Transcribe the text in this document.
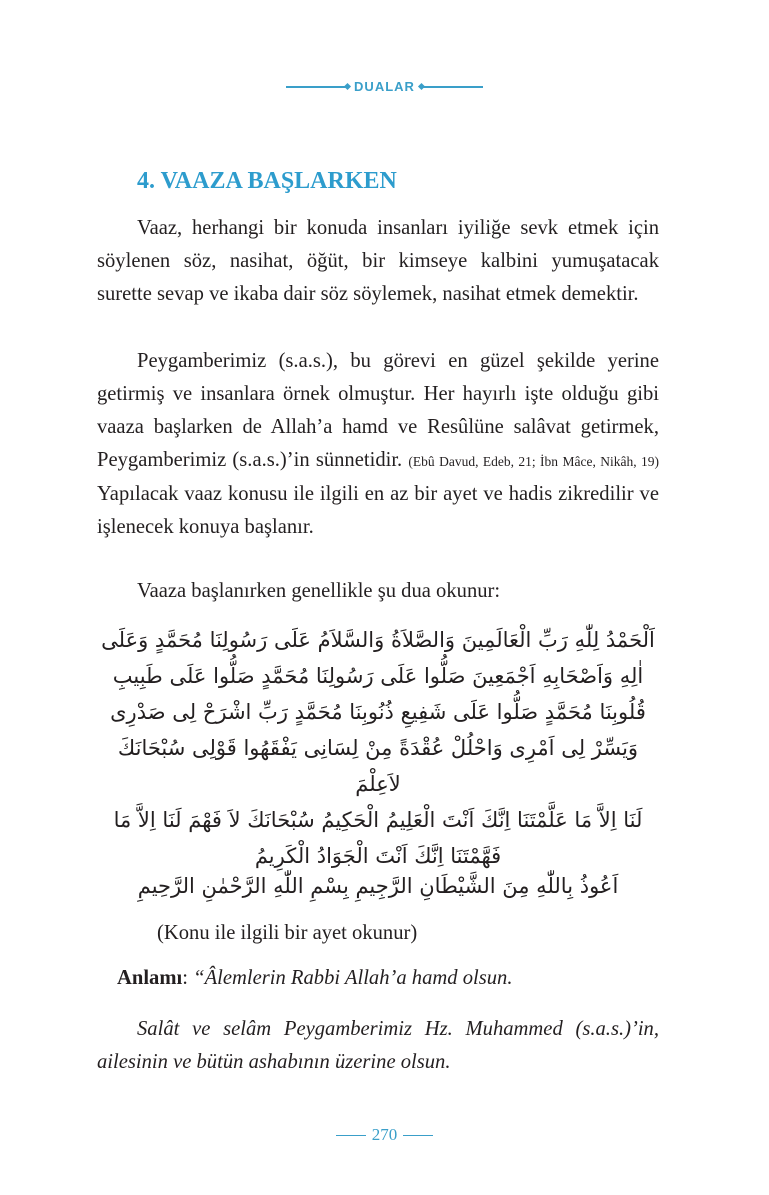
DUALAR
4. VAAZA BAŞLARKEN

Vaaz, herhangi bir konuda insanları iyiliğe sevk etmek için söylenen söz, nasihat, öğüt, bir kimseye kalbini yumuşatacak surette sevap ve ikaba dair söz söylemek, nasihat etmek demektir.

Peygamberimiz (s.a.s.), bu görevi en güzel şekilde yerine getirmiş ve insanlara örnek olmuştur. Her hayırlı işte olduğu gibi vaaza başlarken de Allah’a hamd ve Resûlüne salâvat getirmek, Peygamberimiz (s.a.s.)’in sünnetidir. (Ebû Davud, Edeb, 21; İbn Mâce, Nikâh, 19) Yapılacak vaaz konusu ile ilgili en az bir ayet ve hadis zikredilir ve işlenecek konuya başlanır.

Vaaza başlanırken genellikle şu dua okunur:

اَلْحَمْدُ لِلّٰهِ رَبِّ الْعَالَمِينَ وَالصَّلاَةُ وَالسَّلاَمُ عَلَى رَسُولِنَا مُحَمَّدٍ وَعَلَى
اٰلِهِ وَاَصْحَابِهِ اَجْمَعِينَ صَلُّوا عَلَى رَسُولِنَا مُحَمَّدٍ صَلُّوا عَلَى طَبِيبِ
قُلُوبِنَا مُحَمَّدٍ صَلُّوا عَلَى شَفِيعِ ذُنُوبِنَا مُحَمَّدٍ رَبِّ اشْرَحْ لِى صَدْرِى
وَيَسِّرْ لِى اَمْرِى وَاحْلُلْ عُقْدَةً مِنْ لِسَانِى يَفْقَهُوا قَوْلِى سُبْحَانَكَ لاَعِلْمَ
لَنَا اِلاَّ مَا عَلَّمْتَنَا اِنَّكَ اَنْتَ الْعَلِيمُ الْحَكِيمُ سُبْحَانَكَ لاَ فَهْمَ لَنَا اِلاَّ مَا
فَهَّمْتَنَا اِنَّكَ اَنْتَ الْجَوَادُ الْكَرِيمُ
اَعُوذُ بِاللّٰهِ مِنَ الشَّيْطَانِ الرَّجِيمِ بِسْمِ اللّٰهِ الرَّحْمٰنِ الرَّحِيمِ
(Konu ile ilgili bir ayet okunur)
Anlamı: “Âlemlerin Rabbi Allah’a hamd olsun.

Salât ve selâm Peygamberimiz Hz. Muhammed (s.a.s.)’in, ailesinin ve bütün ashabının üzerine olsun.

270
